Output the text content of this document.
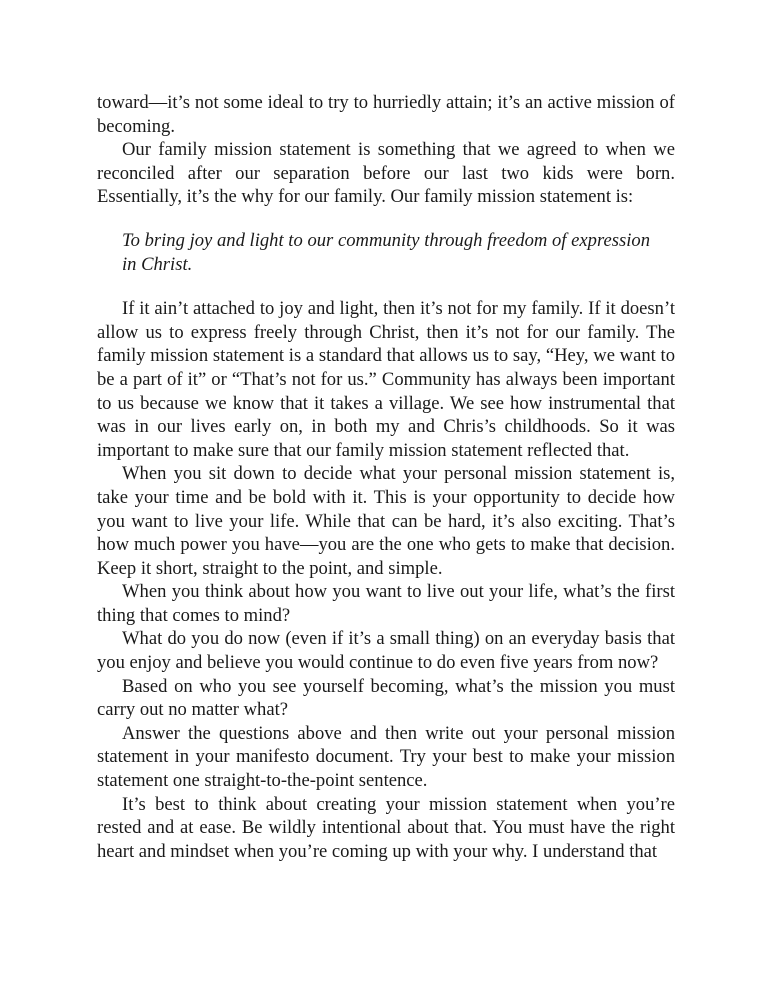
toward—it’s not some ideal to try to hurriedly attain; it’s an active mission of becoming.

Our family mission statement is something that we agreed to when we reconciled after our separation before our last two kids were born. Essentially, it’s the why for our family. Our family mission statement is:

To bring joy and light to our community through freedom of expression in Christ.

If it ain’t attached to joy and light, then it’s not for my family. If it doesn’t allow us to express freely through Christ, then it’s not for our family. The family mission statement is a standard that allows us to say, “Hey, we want to be a part of it” or “That’s not for us.” Community has always been important to us because we know that it takes a village. We see how instrumental that was in our lives early on, in both my and Chris’s childhoods. So it was important to make sure that our family mission statement reflected that.

When you sit down to decide what your personal mission statement is, take your time and be bold with it. This is your opportunity to decide how you want to live your life. While that can be hard, it’s also exciting. That’s how much power you have—you are the one who gets to make that decision. Keep it short, straight to the point, and simple.

When you think about how you want to live out your life, what’s the first thing that comes to mind?

What do you do now (even if it’s a small thing) on an everyday basis that you enjoy and believe you would continue to do even five years from now?

Based on who you see yourself becoming, what’s the mission you must carry out no matter what?

Answer the questions above and then write out your personal mission statement in your manifesto document. Try your best to make your mission statement one straight-to-the-point sentence.

It’s best to think about creating your mission statement when you’re rested and at ease. Be wildly intentional about that. You must have the right heart and mindset when you’re coming up with your why. I understand that
